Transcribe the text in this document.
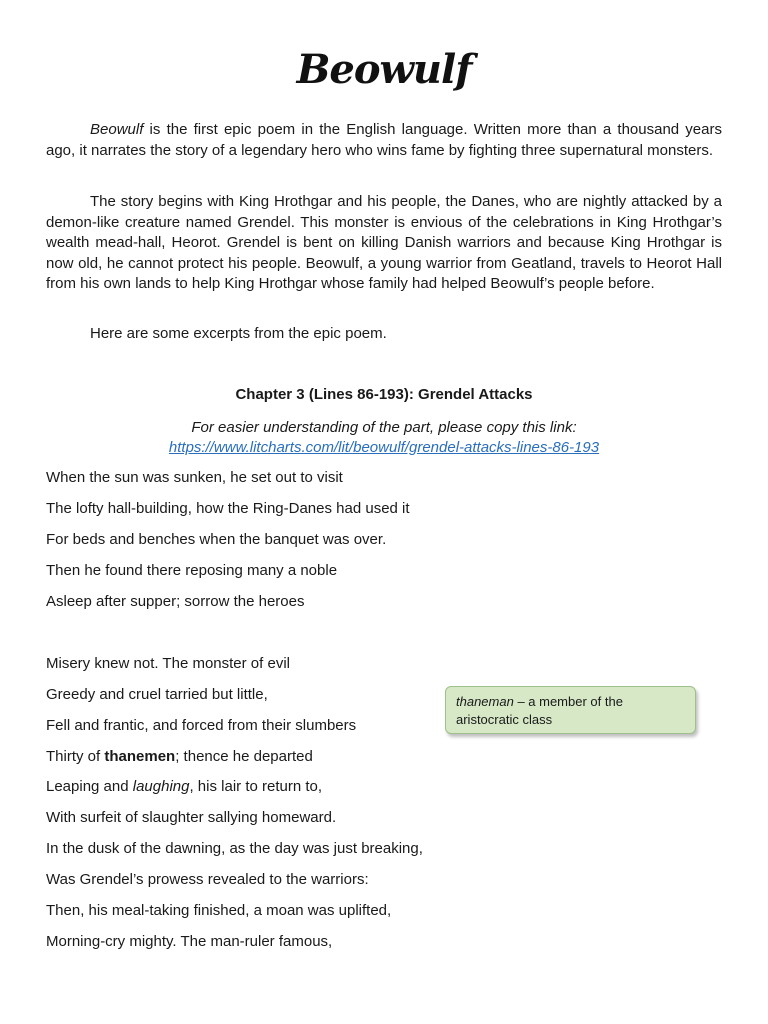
Beowulf

Beowulf is the first epic poem in the English language. Written more than a thousand years ago, it narrates the story of a legendary hero who wins fame by fighting three supernatural monsters.

The story begins with King Hrothgar and his people, the Danes, who are nightly attacked by a demon-like creature named Grendel. This monster is envious of the celebrations in King Hrothgar’s wealth mead-hall, Heorot. Grendel is bent on killing Danish warriors and because King Hrothgar is now old, he cannot protect his people. Beowulf, a young warrior from Geatland, travels to Heorot Hall from his own lands to help King Hrothgar whose family had helped Beowulf’s people before.

Here are some excerpts from the epic poem.

Chapter 3 (Lines 86-193): Grendel Attacks
For easier understanding of the part, please copy this link:
https://www.litcharts.com/lit/beowulf/grendel-attacks-lines-86-193
When the sun was sunken, he set out to visit
The lofty hall-building, how the Ring-Danes had used it
For beds and benches when the banquet was over.
Then he found there reposing many a noble
Asleep after supper; sorrow the heroes
Misery knew not. The monster of evil
Greedy and cruel tarried but little,
Fell and frantic, and forced from their slumbers
Thirty of thanemen; thence he departed
Leaping and laughing, his lair to return to,
With surfeit of slaughter sallying homeward.
In the dusk of the dawning, as the day was just breaking,
Was Grendel’s prowess revealed to the warriors:
Then, his meal-taking finished, a moan was uplifted,
Morning-cry mighty. The man-ruler famous,
thaneman – a member of the aristocratic class
